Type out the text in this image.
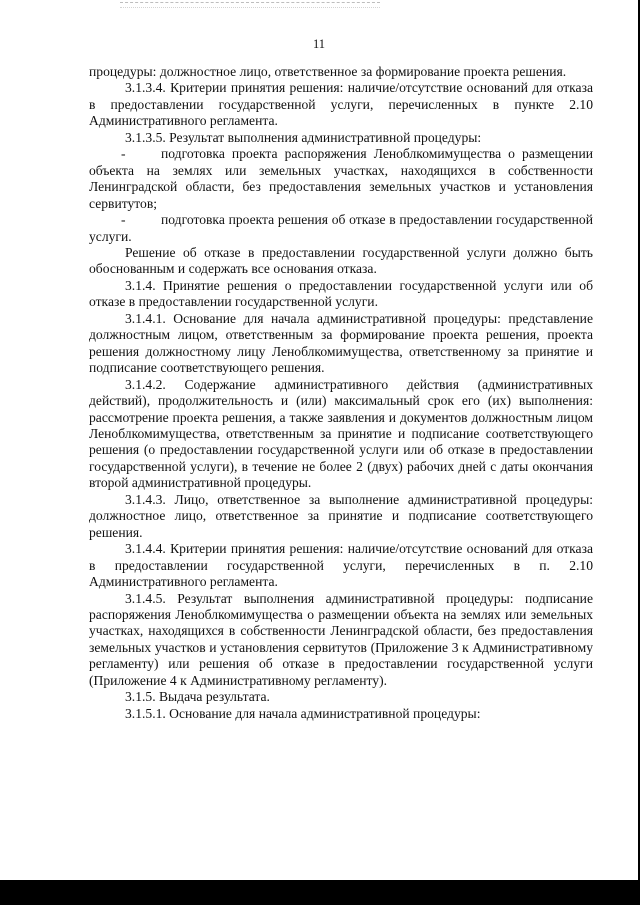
11

процедуры: должностное лицо, ответственное за формирование проекта решения.

3.1.3.4. Критерии принятия решения: наличие/отсутствие оснований для отказа в предоставлении государственной услуги, перечисленных в пункте 2.10 Административного регламента.

3.1.3.5. Результат выполнения административной процедуры:

-	подготовка проекта распоряжения Леноблкомимущества о размещении объекта на землях или земельных участках, находящихся в собственности Ленинградской области, без предоставления земельных участков и установления сервитутов;

-	подготовка проекта решения об отказе в предоставлении государственной услуги.

Решение об отказе в предоставлении государственной услуги должно быть обоснованным и содержать все основания отказа.

3.1.4. Принятие решения о предоставлении государственной услуги или об отказе в предоставлении государственной услуги.

3.1.4.1. Основание для начала административной процедуры: представление должностным лицом, ответственным за формирование проекта решения, проекта решения должностному лицу Леноблкомимущества, ответственному за принятие и подписание соответствующего решения.

3.1.4.2. Содержание административного действия (административных действий), продолжительность и (или) максимальный срок его (их) выполнения: рассмотрение проекта решения, а также заявления и документов должностным лицом Леноблкомимущества, ответственным за принятие и подписание соответствующего решения (о предоставлении государственной услуги или об отказе в предоставлении государственной услуги), в течение не более 2 (двух) рабочих дней с даты окончания второй административной процедуры.

3.1.4.3. Лицо, ответственное за выполнение административной процедуры: должностное лицо, ответственное за принятие и подписание соответствующего решения.

3.1.4.4. Критерии принятия решения: наличие/отсутствие оснований для отказа в предоставлении государственной услуги, перечисленных в п. 2.10 Административного регламента.

3.1.4.5. Результат выполнения административной процедуры: подписание распоряжения Леноблкомимущества о размещении объекта на землях или земельных участках, находящихся в собственности Ленинградской области, без предоставления земельных участков и установления сервитутов (Приложение 3 к Административному регламенту) или решения об отказе в предоставлении государственной услуги (Приложение 4 к Административному регламенту).

3.1.5. Выдача результата.

3.1.5.1. Основание для начала административной процедуры:
